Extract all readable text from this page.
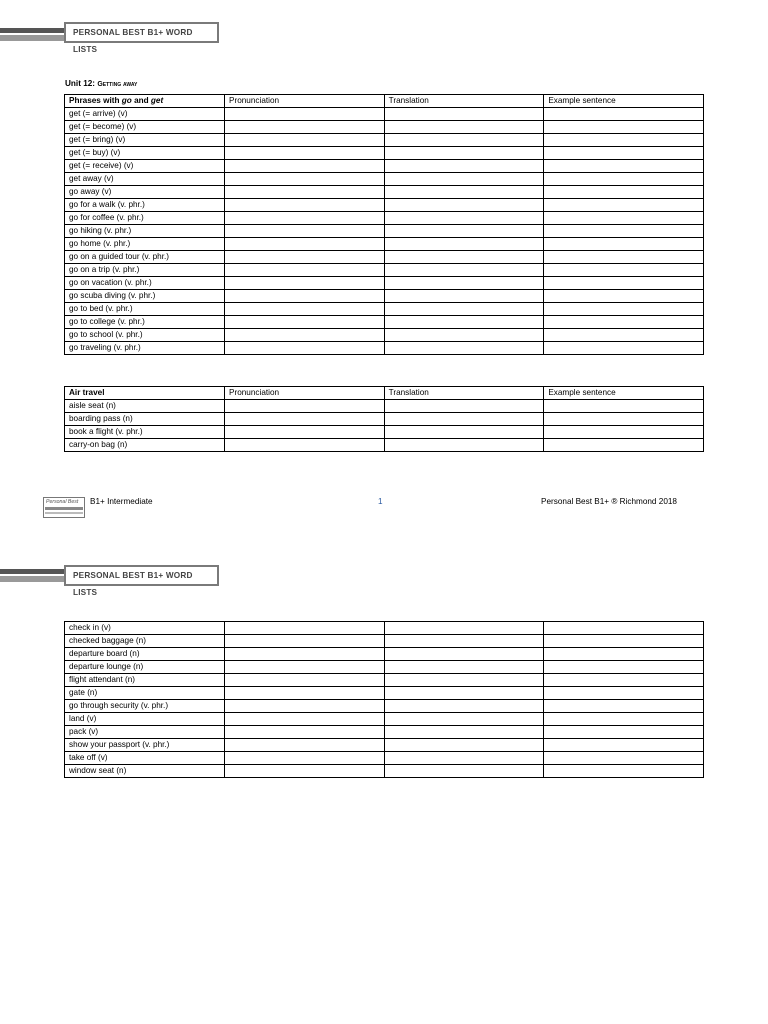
PERSONAL BEST B1+ WORD LISTS
Unit 12: Getting away
Phrases with go and get	Pronunciation	Translation	Example sentence
get (= arrive) (v)			
get (= become) (v)			
get (= bring) (v)			
get (= buy) (v)			
get (= receive) (v)			
get away (v)			
go away (v)			
go for a walk (v. phr.)			
go for coffee (v. phr.)			
go hiking (v. phr.)			
go home (v. phr.)			
go on a guided tour (v. phr.)			
go on a trip (v. phr.)			
go on vacation (v. phr.)			
go scuba diving (v. phr.)			
go to bed (v. phr.)			
go to college (v. phr.)			
go to school (v. phr.)			
go traveling (v. phr.)			
Air travel	Pronunciation	Translation	Example sentence
aisle seat (n)			
boarding pass (n)			
book a flight (v. phr.)			
carry-on bag (n)			
Personal Best B1+ Intermediate	1	Personal Best B1+ ® Richmond 2018
PERSONAL BEST B1+ WORD LISTS
check in (v)			
checked baggage (n)			
departure board (n)			
departure lounge (n)			
flight attendant (n)			
gate (n)			
go through security (v. phr.)			
land (v)			
pack (v)			
show your passport (v. phr.)			
take off (v)			
window seat (n)			
